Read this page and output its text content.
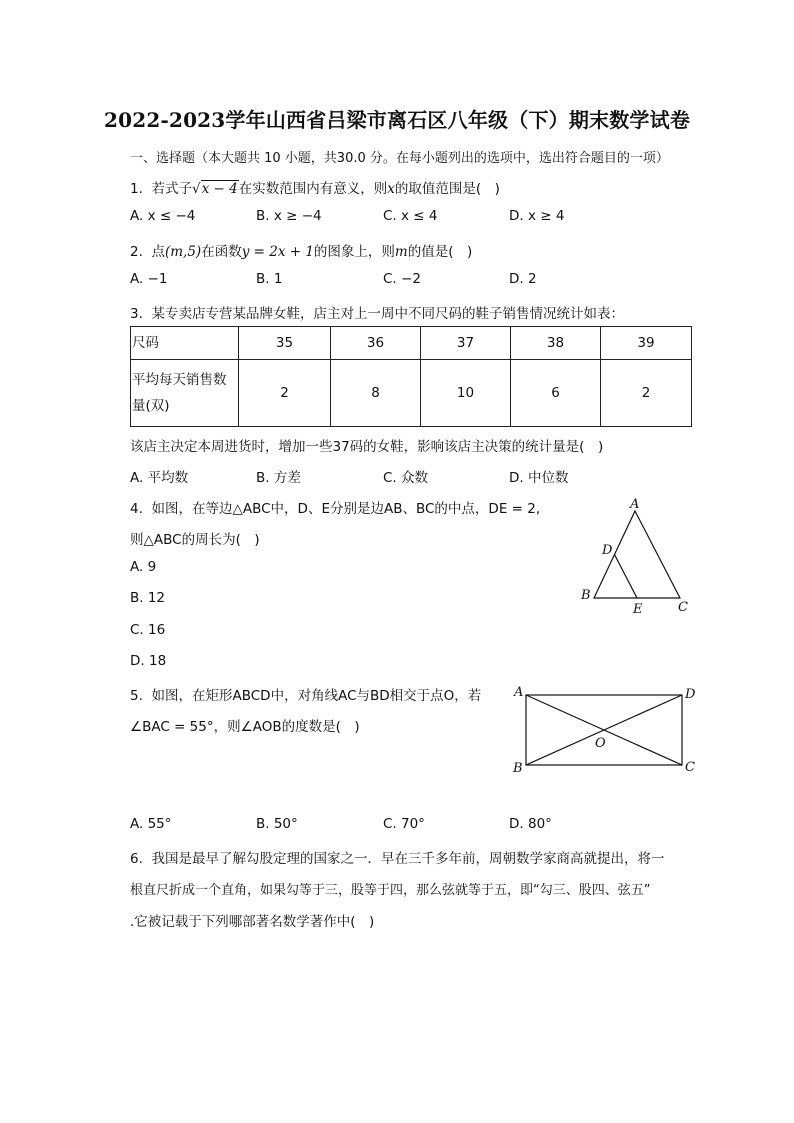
2022-2023学年山西省吕梁市离石区八年级（下）期末数学试卷
一、选择题（本大题共 10 小题，共30.0 分。在每小题列出的选项中，选出符合题目的一项）
1. 若式子√x − 4在实数范围内有意义，则x的取值范围是(　)
A. x ≤ −4	B. x ≥ −4	C. x ≤ 4	D. x ≥ 4
2. 点(m,5)在函数y = 2x + 1的图象上，则m的值是(　)
A. −1	B. 1	C. −2	D. 2
3. 某专卖店专营某品牌女鞋，店主对上一周中不同尺码的鞋子销售情况统计如表：
尺码	35	36	37	38	39

平均每天销售数
量(双)	2	8	10	6	2
该店主决定本周进货时，增加一些37码的女鞋，影响该店主决策的统计量是(　)
A. 平均数	B. 方差	C. 众数	D. 中位数
4. 如图，在等边△ABC中，D、E分别是边AB、BC的中点，DE = 2,
则△ABC的周长为(　)
A. 9
B. 12
C. 16
D. 18
A
D
B
E	C
5. 如图，在矩形ABCD中，对角线AC与BD相交于点O，若
∠BAC = 55°，则∠AOB的度数是(　)
A	D
O
B	C
A. 55°	B. 50°	C. 70°	D. 80°
6. 我国是最早了解勾股定理的国家之一．早在三千多年前，周朝数学家商高就提出，将一
根直尺折成一个直角，如果勾等于三，股等于四，那么弦就等于五，即“勾三、股四、弦五”
.它被记载于下列哪部著名数学著作中(　)
